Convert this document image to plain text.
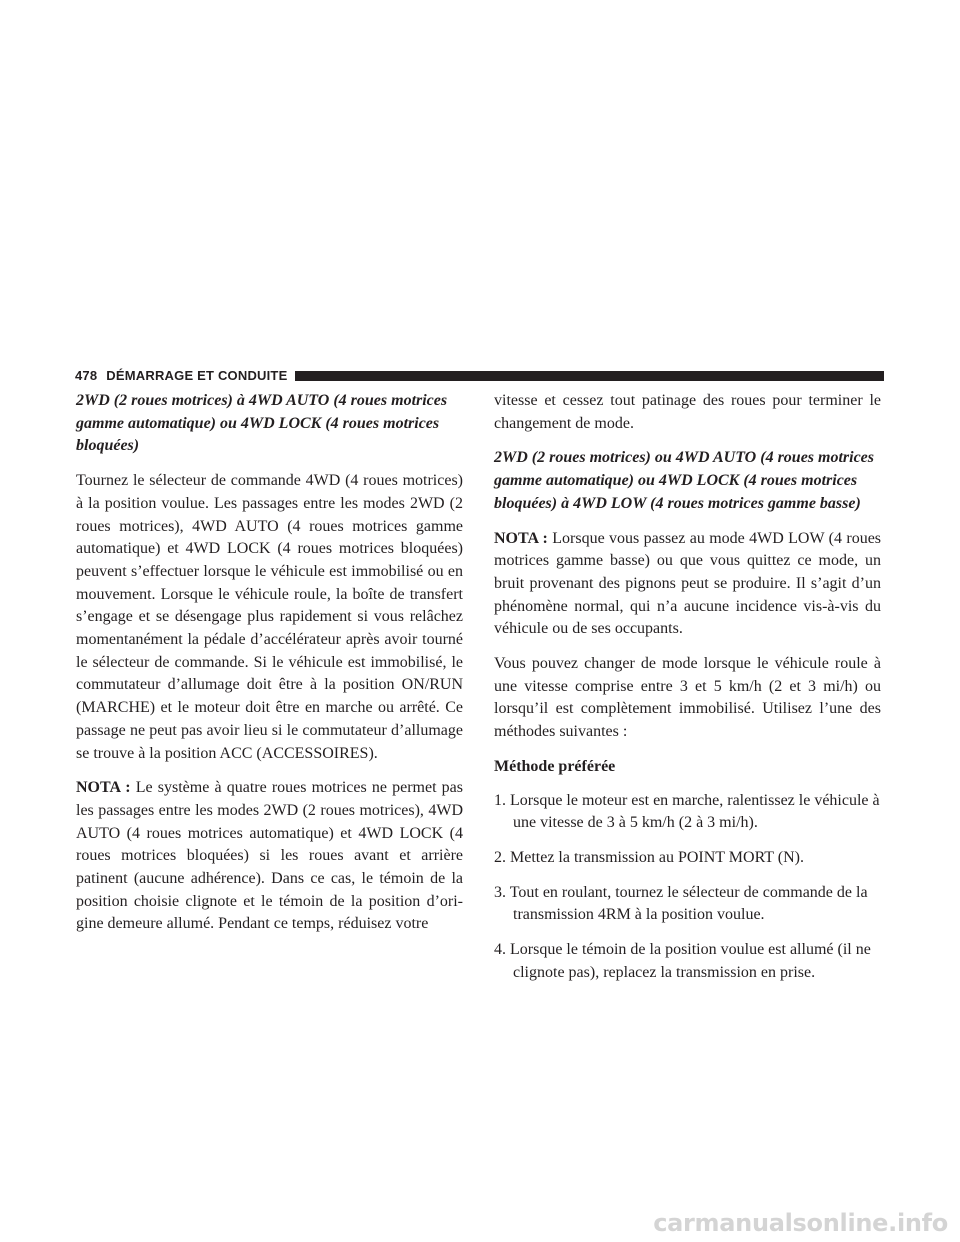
478 DÉMARRAGE ET CONDUITE

2WD (2 roues motrices) à 4WD AUTO (4 roues motrices gamme automatique) ou 4WD LOCK (4 roues motrices bloquées)

Tournez le sélecteur de commande 4WD (4 roues motrices) à la position voulue. Les passages entre les modes 2WD (2 roues motrices), 4WD AUTO (4 roues motrices gamme automatique) et 4WD LOCK (4 roues motrices bloquées) peuvent s’effectuer lorsque le véhicule est immobilisé ou en mouvement. Lorsque le véhicule roule, la boîte de transfert s’engage et se désengage plus rapidement si vous relâchez momentanément la pédale d’accélérateur après avoir tourné le sélecteur de commande. Si le véhicule est immobilisé, le commutateur d’allumage doit être à la position ON/RUN (MARCHE) et le moteur doit être en marche ou arrêté. Ce passage ne peut pas avoir lieu si le commutateur d’allumage se trouve à la position ACC (ACCESSOIRES).

NOTA : Le système à quatre roues motrices ne permet pas les passages entre les modes 2WD (2 roues motrices), 4WD AUTO (4 roues motrices automatique) et 4WD LOCK (4 roues motrices bloquées) si les roues avant et arrière patinent (aucune adhérence). Dans ce cas, le témoin de la position choisie clignote et le témoin de la position d’ori-gine demeure allumé. Pendant ce temps, réduisez votre

vitesse et cessez tout patinage des roues pour terminer le changement de mode.

2WD (2 roues motrices) ou 4WD AUTO (4 roues motrices gamme automatique) ou 4WD LOCK (4 roues motrices bloquées) à 4WD LOW (4 roues motrices gamme basse)

NOTA : Lorsque vous passez au mode 4WD LOW (4 roues motrices gamme basse) ou que vous quittez ce mode, un bruit provenant des pignons peut se produire. Il s’agit d’un phénomène normal, qui n’a aucune incidence vis-à-vis du véhicule ou de ses occupants.

Vous pouvez changer de mode lorsque le véhicule roule à une vitesse comprise entre 3 et 5 km/h (2 et 3 mi/h) ou lorsqu’il est complètement immobilisé. Utilisez l’une des méthodes suivantes :

Méthode préférée

1. Lorsque le moteur est en marche, ralentissez le véhicule à une vitesse de 3 à 5 km/h (2 à 3 mi/h).
2. Mettez la transmission au POINT MORT (N).
3. Tout en roulant, tournez le sélecteur de commande de la transmission 4RM à la position voulue.
4. Lorsque le témoin de la position voulue est allumé (il ne clignote pas), replacez la transmission en prise.
carmanualsonline.info
